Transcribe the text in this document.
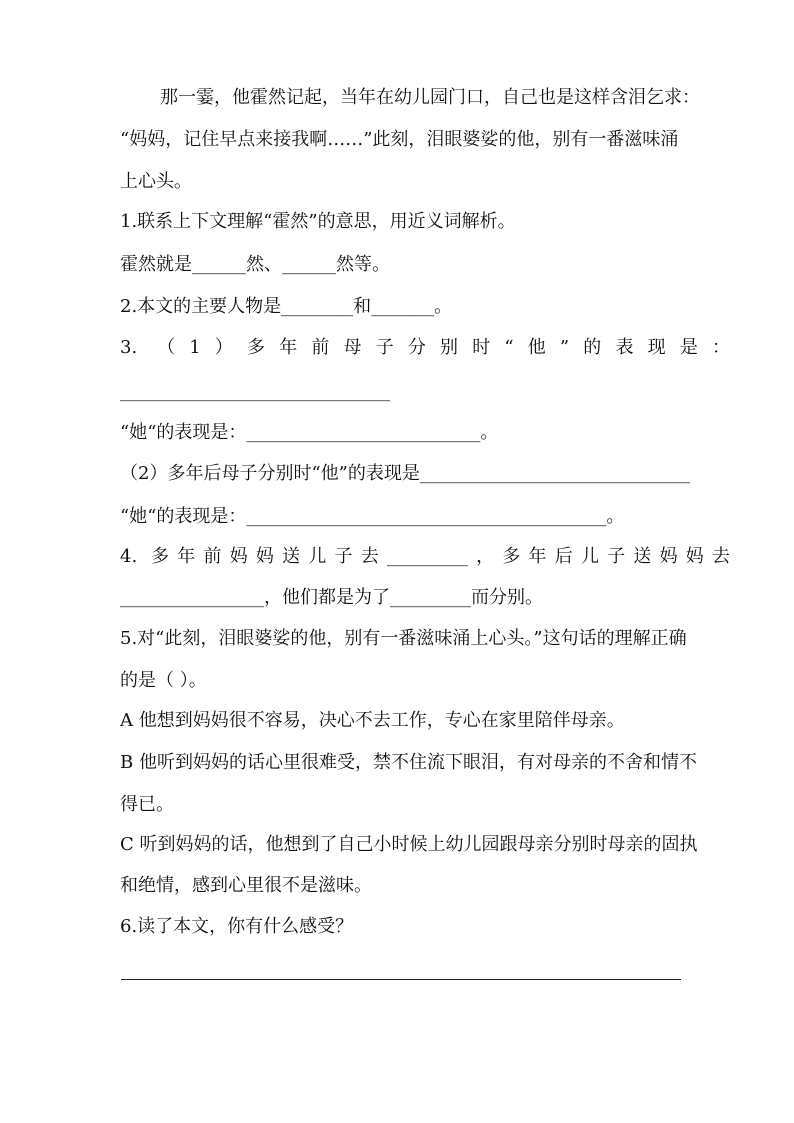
那一霎，他霍然记起，当年在幼儿园门口，自己也是这样含泪乞求：
“妈妈，记住早点来接我啊……”此刻，泪眼婆娑的他，别有一番滋味涌
上心头。
1.联系上下文理解“霍然”的意思，用近义词解析。
霍然就是______然、______然等。
2.本文的主要人物是________和_______。
3. （1）多年前母子分别时“他”的表现是：
______________________________
“她“的表现是：__________________________。
（2）多年后母子分别时“他”的表现是______________________________
“她“的表现是：________________________________________。
4. 多年前妈妈送儿子去_________，多年后儿子送妈妈去
________________，他们都是为了_________而分别。
5.对“此刻，泪眼婆娑的他，别有一番滋味涌上心头。”这句话的理解正确
的是（ ）。
A 他想到妈妈很不容易，决心不去工作，专心在家里陪伴母亲。
B 他听到妈妈的话心里很难受，禁不住流下眼泪，有对母亲的不舍和情不
得已。
C 听到妈妈的话，他想到了自己小时候上幼儿园跟母亲分别时母亲的固执
和绝情，感到心里很不是滋味。
6.读了本文，你有什么感受？
